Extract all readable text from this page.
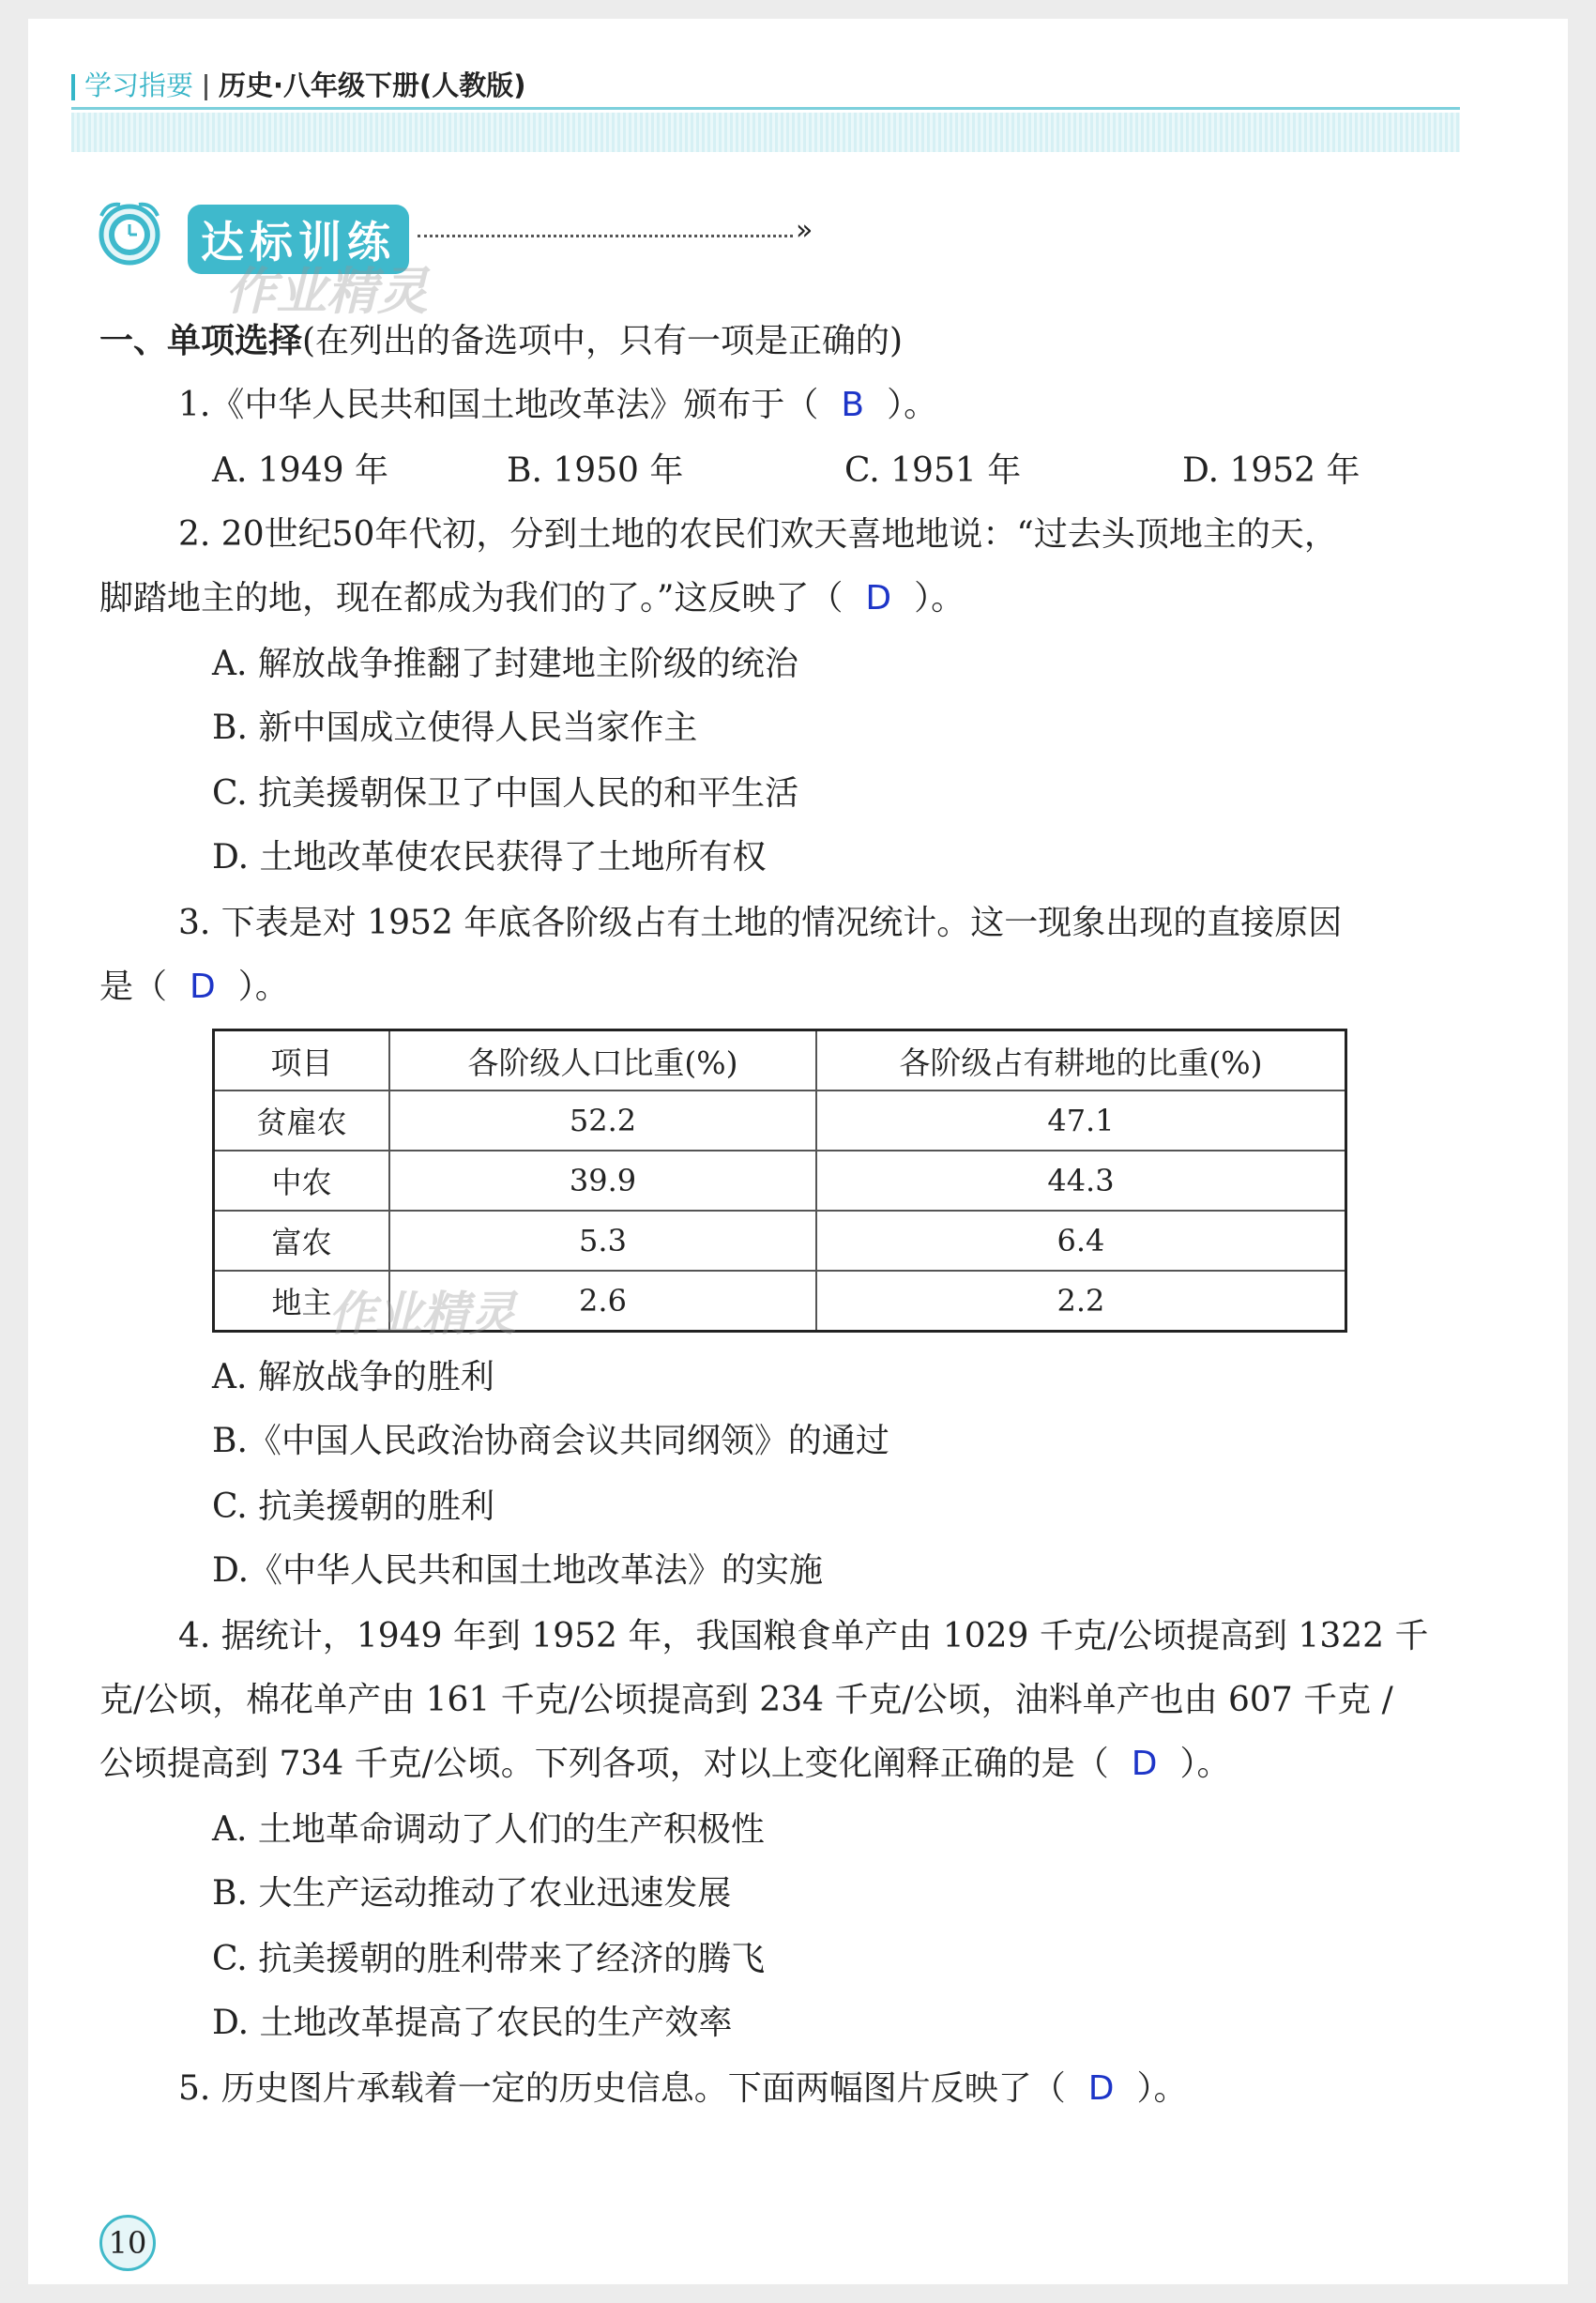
学习指要 历史·八年级下册(人教版)
达标训练	»
作业精灵
一、单项选择(在列出的备选项中，只有一项是正确的)
1.《中华人民共和国土地改革法》颁布于（ B ）。
A. 1949 年	B. 1950 年	C. 1951 年	D. 1952 年
2. 20世纪50年代初，分到土地的农民们欢天喜地地说：“过去头顶地主的天，
脚踏地主的地，现在都成为我们的了。”这反映了（ D ）。
A. 解放战争推翻了封建地主阶级的统治
B. 新中国成立使得人民当家作主
C. 抗美援朝保卫了中国人民的和平生活
D. 土地改革使农民获得了土地所有权
3. 下表是对 1952 年底各阶级占有土地的情况统计。这一现象出现的直接原因
是（ D ）。
项目	各阶级人口比重(%)	各阶级占有耕地的比重(%)
贫雇农	52.2	47.1
中农	39.9	44.3
富农	5.3	6.4
地主	2.6	2.2
作业精灵
A. 解放战争的胜利
B.《中国人民政治协商会议共同纲领》的通过
C. 抗美援朝的胜利
D.《中华人民共和国土地改革法》的实施
4. 据统计，1949 年到 1952 年，我国粮食单产由 1029 千克/公顷提高到 1322 千
克/公顷，棉花单产由 161 千克/公顷提高到 234 千克/公顷，油料单产也由 607 千克 /
公顷提高到 734 千克/公顷。下列各项，对以上变化阐释正确的是（ D ）。
A. 土地革命调动了人们的生产积极性
B. 大生产运动推动了农业迅速发展
C. 抗美援朝的胜利带来了经济的腾飞
D. 土地改革提高了农民的生产效率
5. 历史图片承载着一定的历史信息。下面两幅图片反映了（ D ）。
10
